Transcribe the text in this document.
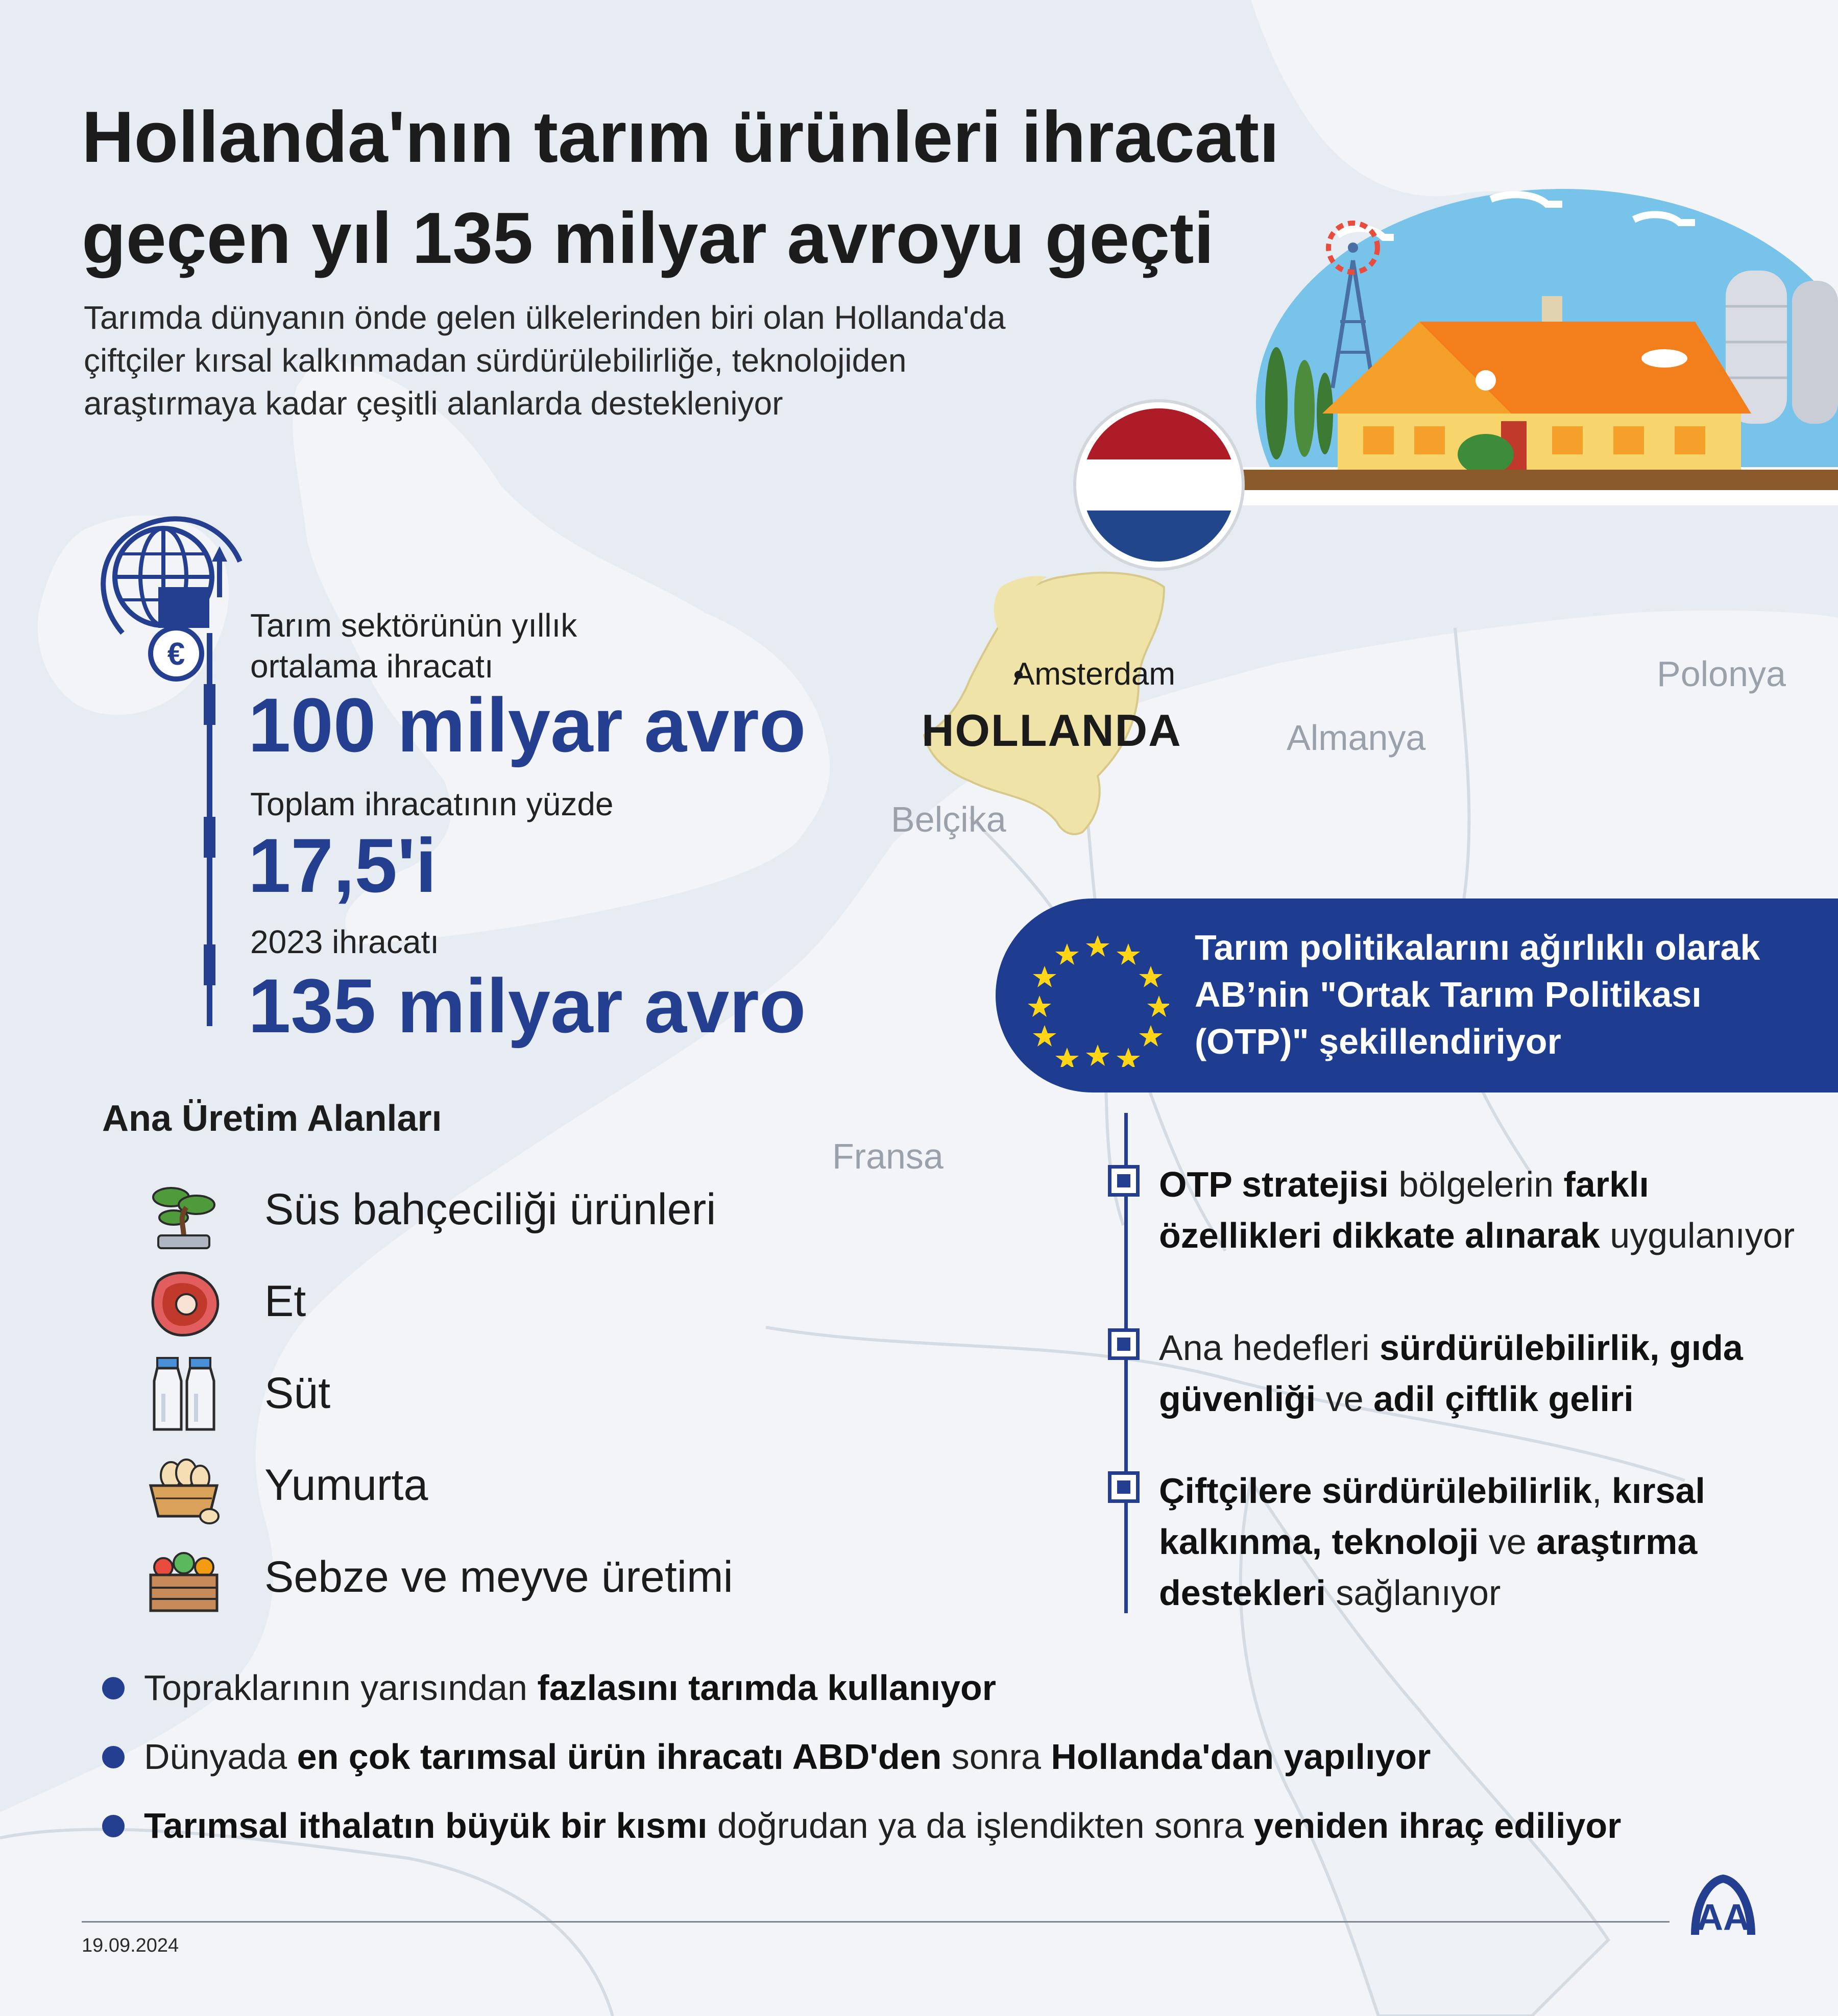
Hollanda'nın tarım ürünleri ihracatı
geçen yıl 135 milyar avroyu geçti

Tarımda dünyanın önde gelen ülkelerinden biri olan Hollanda'da
çiftçiler kırsal kalkınmadan sürdürülebilirliğe, teknolojiden
araştırmaya kadar çeşitli alanlarda destekleniyor

€

Tarım sektörünün yıllık
ortalama ihracatı

100 milyar avro

Toplam ihracatının yüzde

17,5'i

2023 ihracatı

135 milyar avro

Amsterdam
HOLLANDA
Belçika
Almanya
Polonya
Fransa

Tarım politikalarını ağırlıklı olarak
AB’nin "Ortak Tarım Politikası
(OTP)" şekillendiriyor

Ana Üretim Alanları
Süs bahçeciliği ürünleri
Et
Süt
Yumurta
Sebze ve meyve üretimi

OTP stratejisi bölgelerin farklı özellikleri dikkate alınarak uygulanıyor

Ana hedefleri sürdürülebilirlik, gıda güvenliği ve adil çiftlik geliri

Çiftçilere sürdürülebilirlik, kırsal kalkınma, teknoloji ve araştırma destekleri sağlanıyor

Topraklarının yarısından fazlasını tarımda kullanıyor

Dünyada en çok tarımsal ürün ihracatı ABD'den sonra Hollanda'dan yapılıyor

Tarımsal ithalatın büyük bir kısmı doğrudan ya da işlendikten sonra yeniden ihraç ediliyor

19.09.2024
AA
